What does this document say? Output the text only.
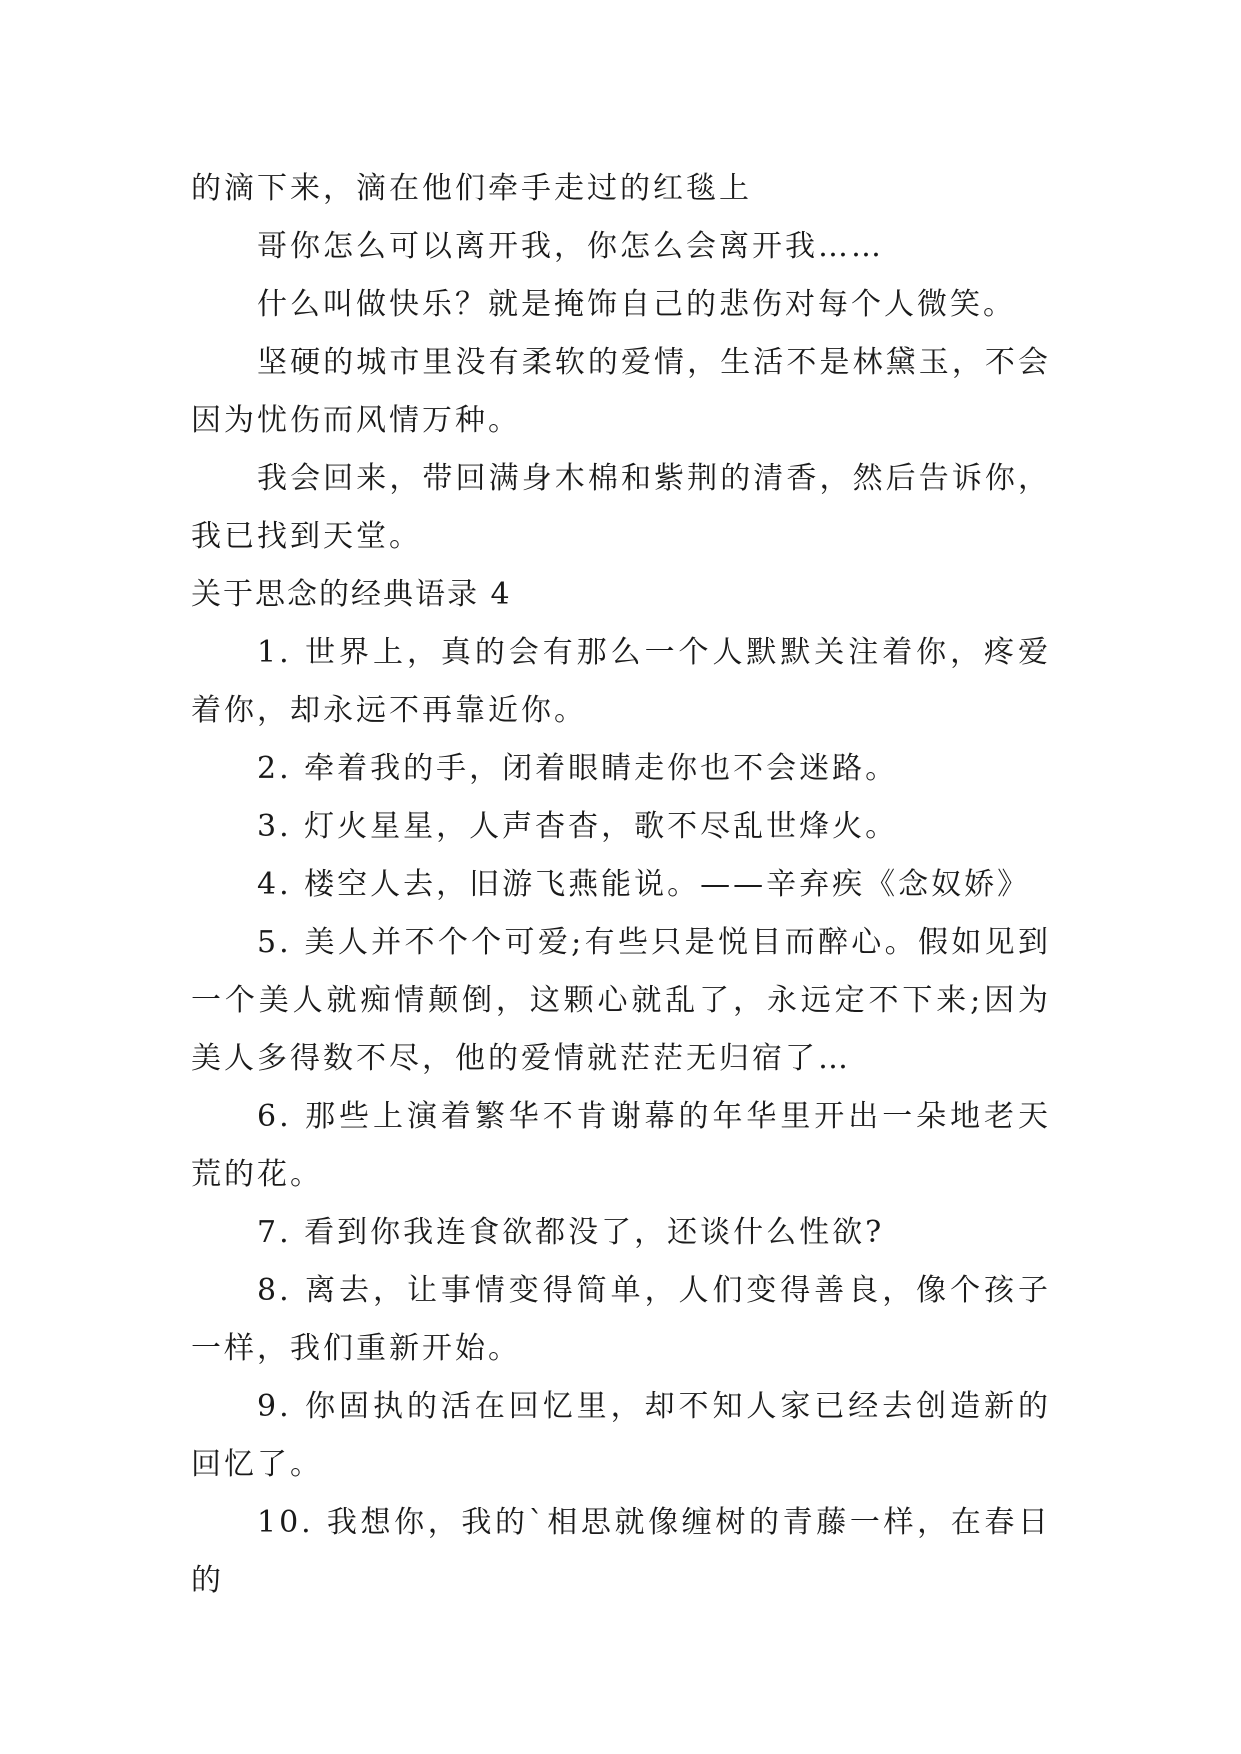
的滴下来，滴在他们牵手走过的红毯上

哥你怎么可以离开我，你怎么会离开我……

什么叫做快乐？就是掩饰自己的悲伤对每个人微笑。

坚硬的城市里没有柔软的爱情，生活不是林黛玉，不会因为忧伤而风情万种。

我会回来，带回满身木棉和紫荆的清香，然后告诉你，我已找到天堂。

关于思念的经典语录 4

1. 世界上，真的会有那么一个人默默关注着你，疼爱着你，却永远不再靠近你。

2. 牵着我的手，闭着眼睛走你也不会迷路。

3. 灯火星星，人声杳杳，歌不尽乱世烽火。

4. 楼空人去，旧游飞燕能说。——辛弃疾《念奴娇》

5. 美人并不个个可爱;有些只是悦目而醉心。假如见到一个美人就痴情颠倒，这颗心就乱了，永远定不下来;因为美人多得数不尽，他的爱情就茫茫无归宿了…

6. 那些上演着繁华不肯谢幕的年华里开出一朵地老天荒的花。

7. 看到你我连食欲都没了，还谈什么性欲?

8. 离去，让事情变得简单，人们变得善良，像个孩子一样，我们重新开始。

9. 你固执的活在回忆里，却不知人家已经去创造新的回忆了。

10. 我想你，我的`相思就像缠树的青藤一样，在春日的
